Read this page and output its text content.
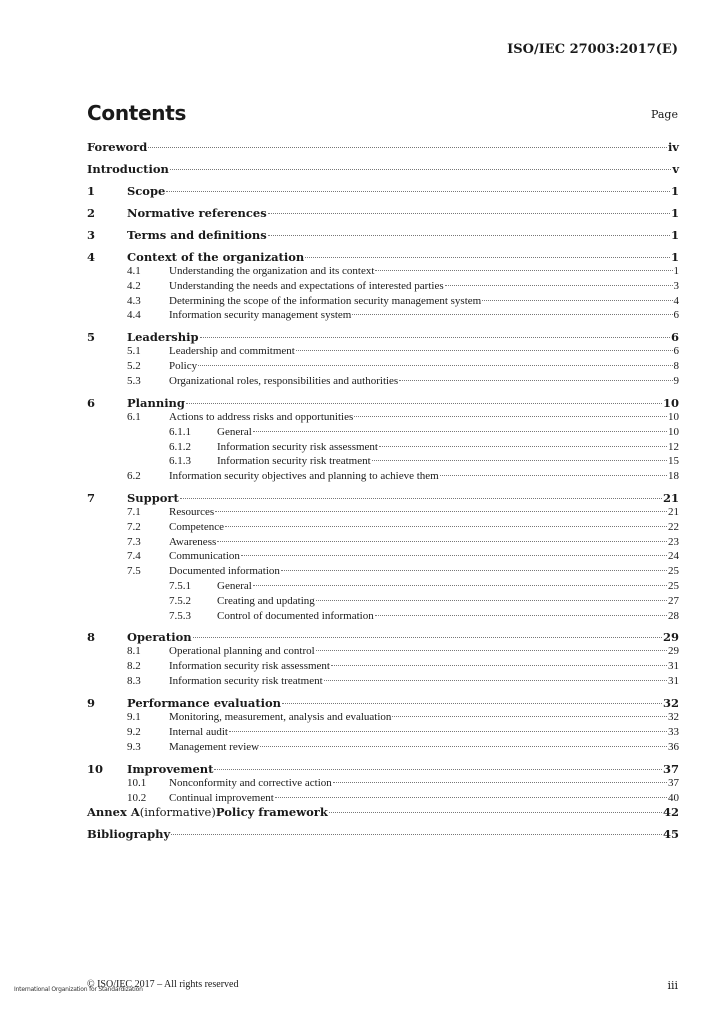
ISO/IEC 27003:2017(E)
Contents	Page
Foreword	iv
Introduction	v
1	Scope	1
2	Normative references	1
3	Terms and definitions	1
4	Context of the organization	1
4.1	Understanding the organization and its context	1
4.2	Understanding the needs and expectations of interested parties	3
4.3	Determining the scope of the information security management system	4
4.4	Information security management system	6
5	Leadership	6
5.1	Leadership and commitment	6
5.2	Policy	8
5.3	Organizational roles, responsibilities and authorities	9
6	Planning	10
6.1	Actions to address risks and opportunities	10
6.1.1	General	10
6.1.2	Information security risk assessment	12
6.1.3	Information security risk treatment	15
6.2	Information security objectives and planning to achieve them	18
7	Support	21
7.1	Resources	21
7.2	Competence	22
7.3	Awareness	23
7.4	Communication	24
7.5	Documented information	25
7.5.1	General	25
7.5.2	Creating and updating	27
7.5.3	Control of documented information	28
8	Operation	29
8.1	Operational planning and control	29
8.2	Information security risk assessment	31
8.3	Information security risk treatment	31
9	Performance evaluation	32
9.1	Monitoring, measurement, analysis and evaluation	32
9.2	Internal audit	33
9.3	Management review	36
10	Improvement	37
10.1	Nonconformity and corrective action	37
10.2	Continual improvement	40
Annex A (informative) Policy framework	42
Bibliography	45
International Organization for Standardization
© ISO/IEC 2017 – All rights reserved	iii
